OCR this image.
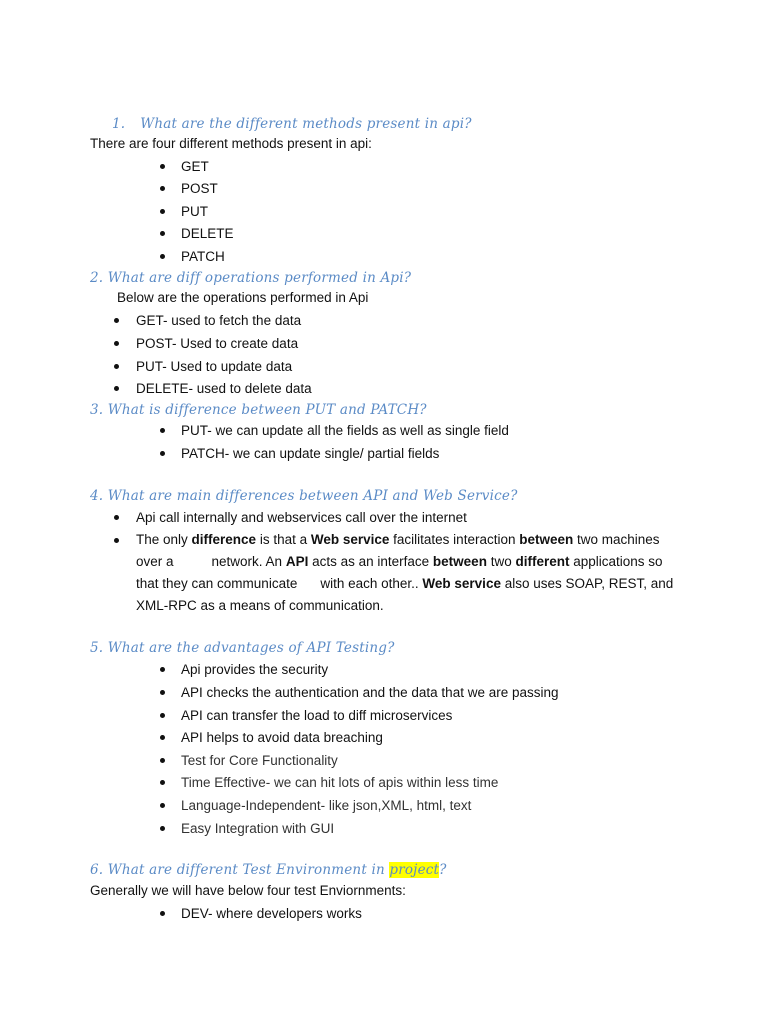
1. What are the different methods present in api?
There are four different methods present in api:
GET
POST
PUT
DELETE
PATCH
2. What are diff operations performed in Api?
Below are the operations performed in Api
GET- used to fetch the data
POST- Used to create data
PUT- Used to update data
DELETE- used to delete data
3. What is difference between PUT and PATCH?
PUT- we can update all the fields as well as single field
PATCH- we can update single/ partial fields
4. What are main differences between API and Web Service?
Api call internally and webservices call over the internet
The only difference is that a Web service facilitates interaction between two machines
over a	network. An API acts as an interface between two different applications so
that they can communicate with each other.. Web service also uses SOAP, REST, and
XML-RPC as a means of communication.
5. What are the advantages of API Testing?
Api provides the security
API checks the authentication and the data that we are passing
API can transfer the load to diff microservices
API helps to avoid data breaching
Test for Core Functionality
Time Effective- we can hit lots of apis within less time
Language-Independent- like json,XML, html, text
Easy Integration with GUI
6. What are different Test Environment in project?
Generally we will have below four test Enviornments:
DEV- where developers works
